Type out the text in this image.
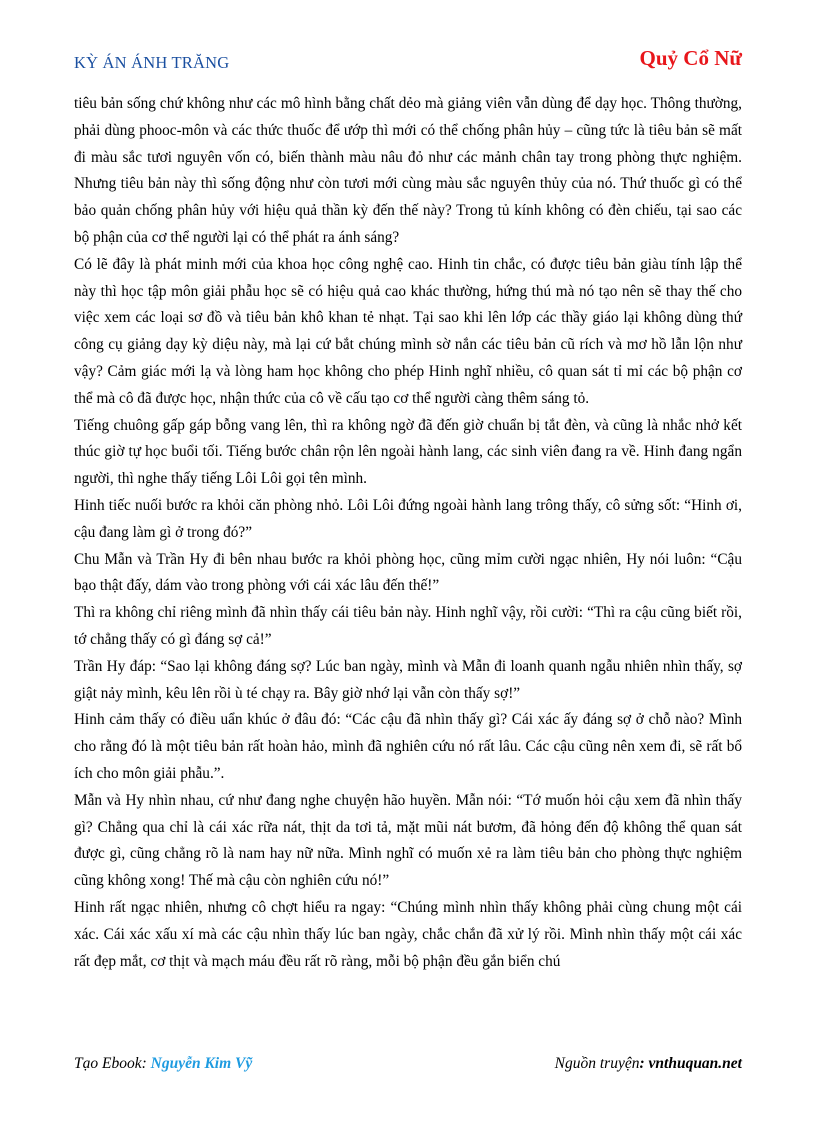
KỲ ÁN ÁNH TRĂNG	Quỷ Cổ Nữ

tiêu bản sống chứ không như các mô hình bằng chất dẻo mà giảng viên vẫn dùng để dạy học. Thông thường, phải dùng phooc-môn và các thức thuốc để ướp thì mới có thể chống phân hủy – cũng tức là tiêu bản sẽ mất đi màu sắc tươi nguyên vốn có, biến thành màu nâu đỏ như các mảnh chân tay trong phòng thực nghiệm. Nhưng tiêu bản này thì sống động như còn tươi mới cùng màu sắc nguyên thủy của nó. Thứ thuốc gì có thể bảo quản chống phân hủy với hiệu quả thần kỳ đến thế này? Trong tủ kính không có đèn chiếu, tại sao các bộ phận của cơ thể người lại có thể phát ra ánh sáng?

Có lẽ đây là phát minh mới của khoa học công nghệ cao. Hinh tin chắc, có được tiêu bản giàu tính lập thể này thì học tập môn giải phẫu học sẽ có hiệu quả cao khác thường, hứng thú mà nó tạo nên sẽ thay thế cho việc xem các loại sơ đồ và tiêu bản khô khan tẻ nhạt. Tại sao khi lên lớp các thầy giáo lại không dùng thứ công cụ giảng dạy kỳ diệu này, mà lại cứ bắt chúng mình sờ nắn các tiêu bản cũ rích và mơ hồ lẫn lộn như vậy? Cảm giác mới lạ và lòng ham học không cho phép Hinh nghĩ nhiều, cô quan sát tỉ mỉ các bộ phận cơ thể mà cô đã được học, nhận thức của cô về cấu tạo cơ thể người càng thêm sáng tỏ.

Tiếng chuông gấp gáp bỗng vang lên, thì ra không ngờ đã đến giờ chuẩn bị tắt đèn, và cũng là nhắc nhở kết thúc giờ tự học buổi tối. Tiếng bước chân rộn lên ngoài hành lang, các sinh viên đang ra về. Hinh đang ngẩn người, thì nghe thấy tiếng Lôi Lôi gọi tên mình.

Hinh tiếc nuối bước ra khỏi căn phòng nhỏ. Lôi Lôi đứng ngoài hành lang trông thấy, cô sửng sốt: “Hinh ơi, cậu đang làm gì ở trong đó?”

Chu Mẫn và Trần Hy đi bên nhau bước ra khỏi phòng học, cũng mỉm cười ngạc nhiên, Hy nói luôn: “Cậu bạo thật đấy, dám vào trong phòng với cái xác lâu đến thế!”

Thì ra không chỉ riêng mình đã nhìn thấy cái tiêu bản này. Hinh nghĩ vậy, rồi cười: “Thì ra cậu cũng biết rồi, tớ chẳng thấy có gì đáng sợ cả!”

Trần Hy đáp: “Sao lại không đáng sợ? Lúc ban ngày, mình và Mẫn đi loanh quanh ngẫu nhiên nhìn thấy, sợ giật nảy mình, kêu lên rồi ù té chạy ra. Bây giờ nhớ lại vẫn còn thấy sợ!”

Hinh cảm thấy có điều uẩn khúc ở đâu đó: “Các cậu đã nhìn thấy gì? Cái xác ấy đáng sợ ở chỗ nào? Mình cho rằng đó là một tiêu bản rất hoàn hảo, mình đã nghiên cứu nó rất lâu. Các cậu cũng nên xem đi, sẽ rất bổ ích cho môn giải phẫu.”.

Mẫn và Hy nhìn nhau, cứ như đang nghe chuyện hão huyền. Mẫn nói: “Tớ muốn hỏi cậu xem đã nhìn thấy gì? Chẳng qua chỉ là cái xác rữa nát, thịt da tơi tả, mặt mũi nát bươm, đã hỏng đến độ không thể quan sát được gì, cũng chẳng rõ là nam hay nữ nữa. Mình nghĩ có muốn xẻ ra làm tiêu bản cho phòng thực nghiệm cũng không xong! Thế mà cậu còn nghiên cứu nó!”

Hinh rất ngạc nhiên, nhưng cô chợt hiểu ra ngay: “Chúng mình nhìn thấy không phải cùng chung một cái xác. Cái xác xấu xí mà các cậu nhìn thấy lúc ban ngày, chắc chắn đã xử lý rồi. Mình nhìn thấy một cái xác rất đẹp mắt, cơ thịt và mạch máu đều rất rõ ràng, mỗi bộ phận đều gắn biển chú

Tạo Ebook: Nguyễn Kim Vỹ	Nguồn truyện: vnthuquan.net
